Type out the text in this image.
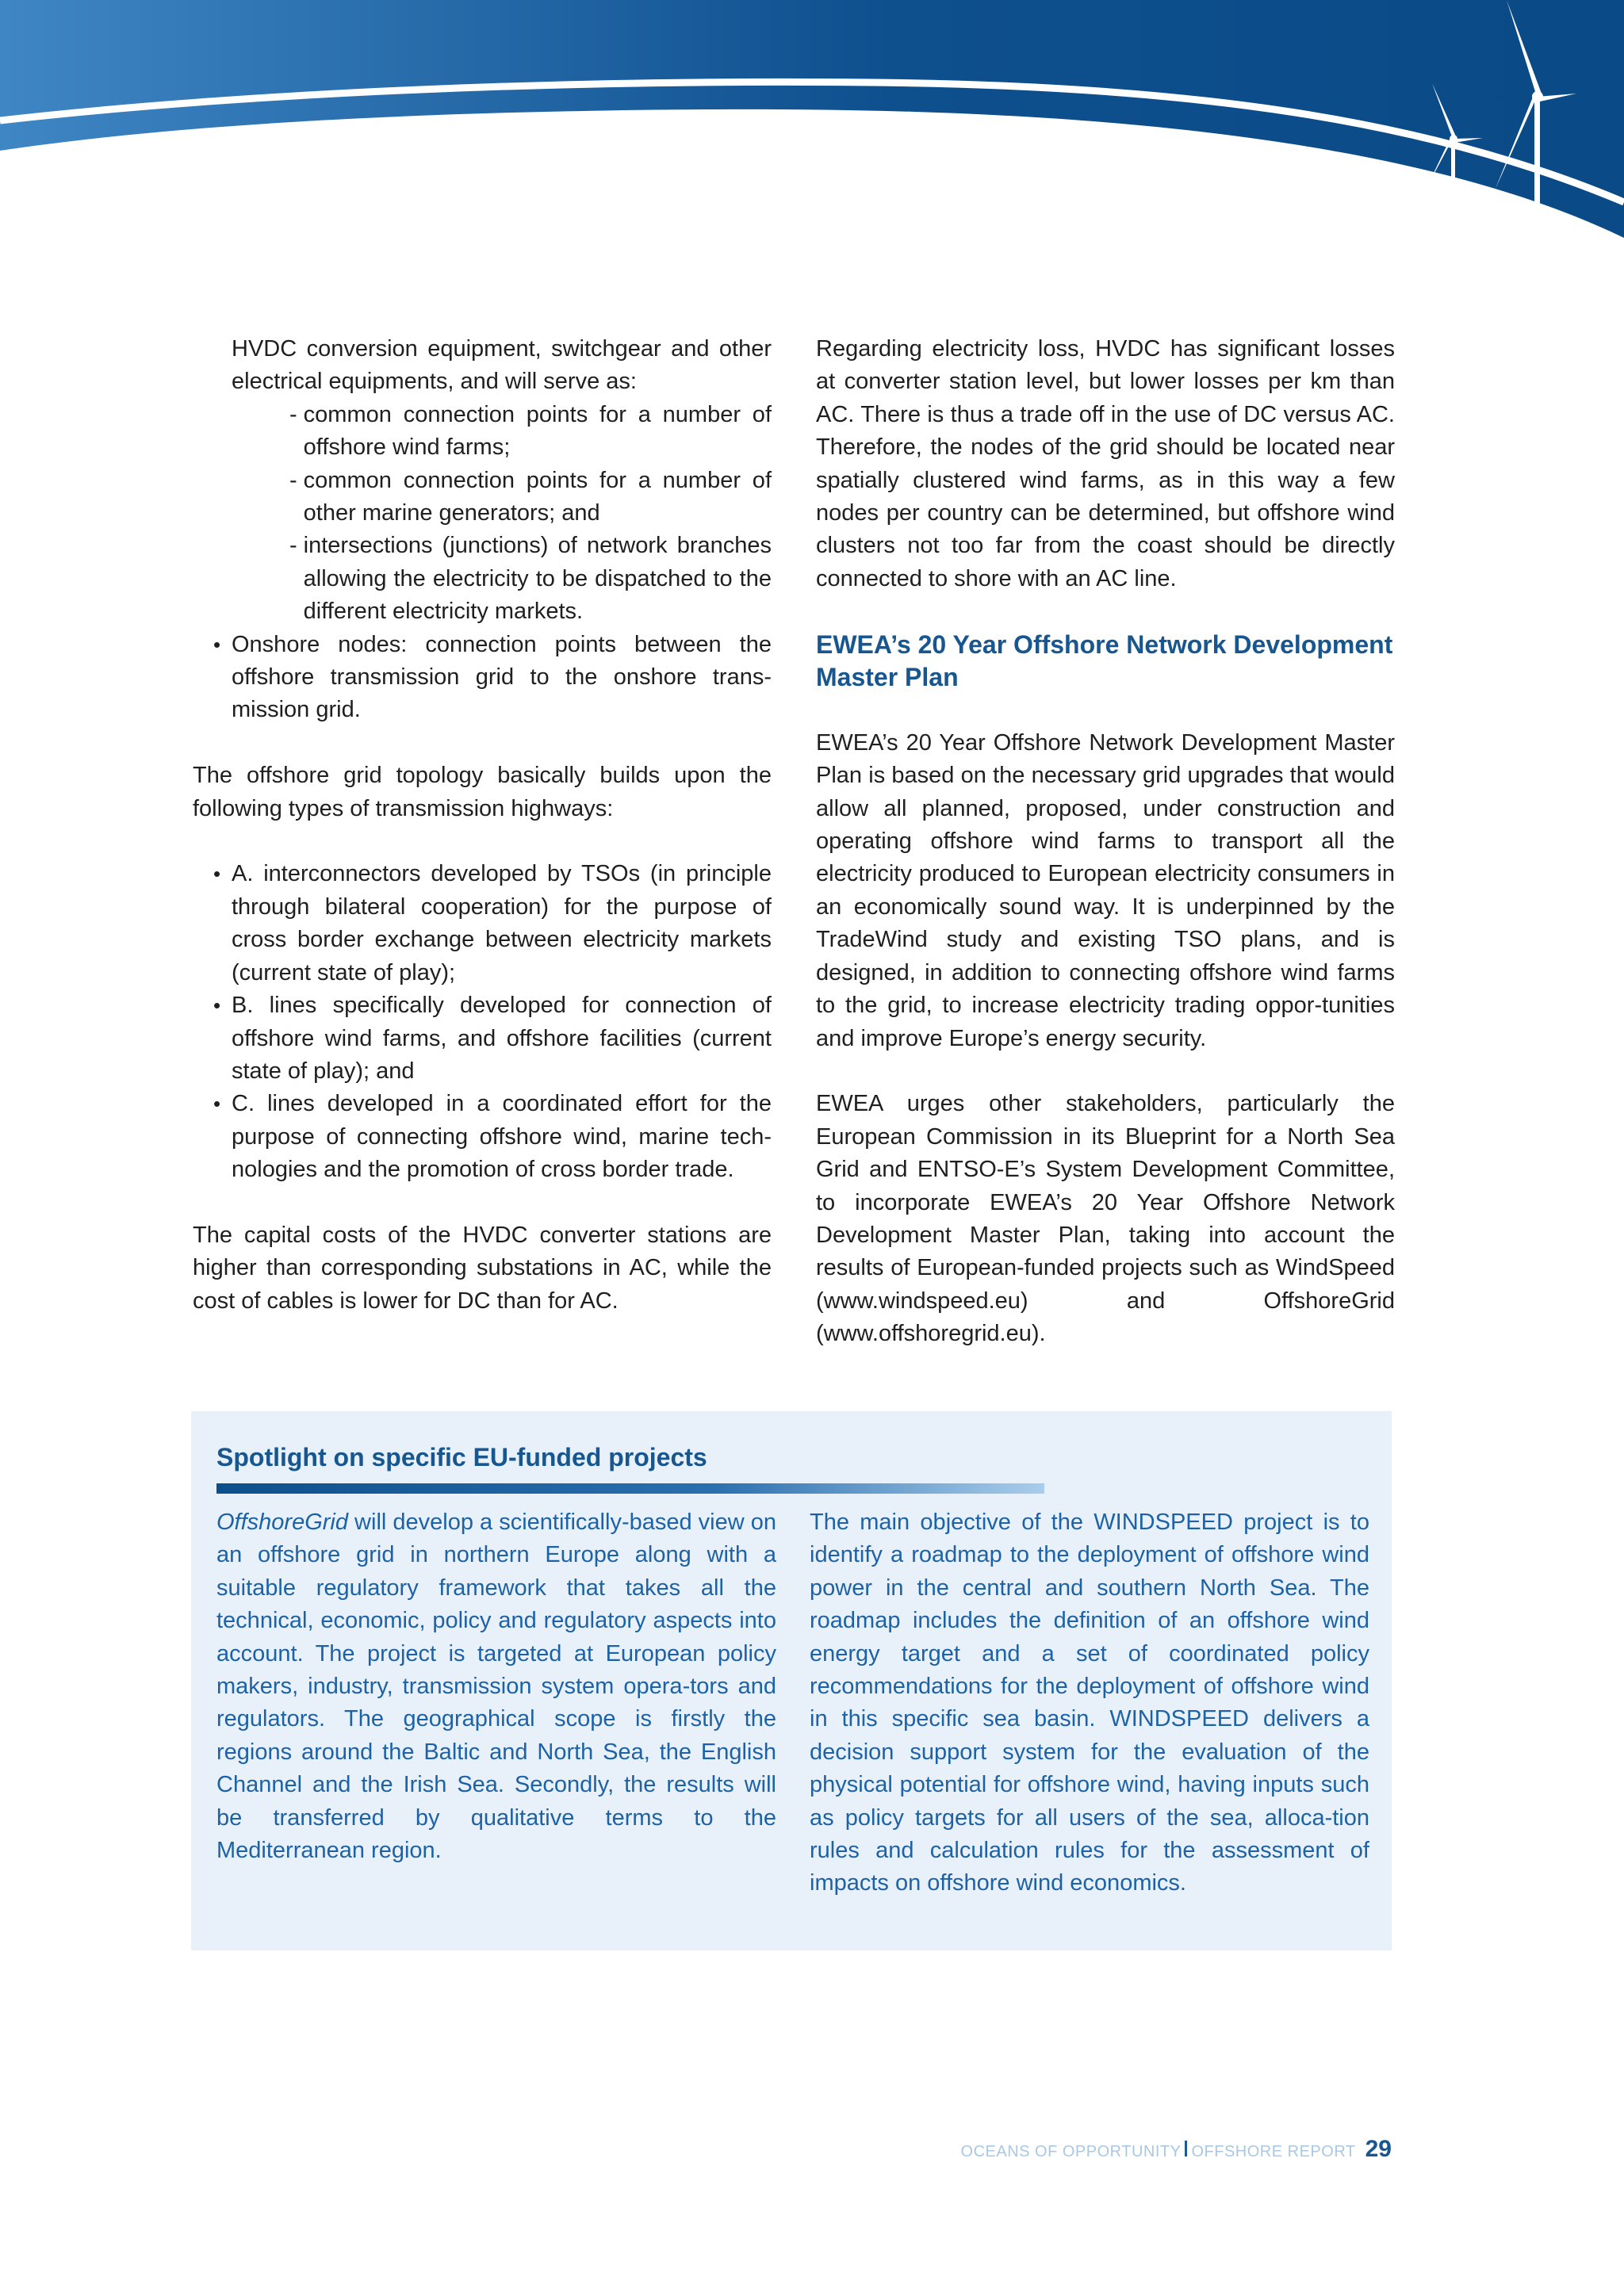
HVDC conversion equipment, switchgear and other electrical equipments, and will serve as:

- common connection points for a number of offshore wind farms;
- common connection points for a number of other marine generators; and
- intersections (junctions) of network branches allowing the electricity to be dispatched to the different electricity markets.
• Onshore nodes: connection points between the offshore transmission grid to the onshore trans-mission grid.

The offshore grid topology basically builds upon the following types of transmission highways:

• A. interconnectors developed by TSOs (in principle through bilateral cooperation) for the purpose of cross border exchange between electricity markets (current state of play);
• B. lines specifically developed for connection of offshore wind farms, and offshore facilities (current state of play); and
• C. lines developed in a coordinated effort for the purpose of connecting offshore wind, marine tech-nologies and the promotion of cross border trade.

The capital costs of the HVDC converter stations are higher than corresponding substations in AC, while the cost of cables is lower for DC than for AC.

Regarding electricity loss, HVDC has significant losses at converter station level, but lower losses per km than AC. There is thus a trade off in the use of DC versus AC. Therefore, the nodes of the grid should be located near spatially clustered wind farms, as in this way a few nodes per country can be determined, but offshore wind clusters not too far from the coast should be directly connected to shore with an AC line.

EWEA’s 20 Year Offshore Network Development Master Plan

EWEA’s 20 Year Offshore Network Development Master Plan is based on the necessary grid upgrades that would allow all planned, proposed, under construction and operating offshore wind farms to transport all the electricity produced to European electricity consumers in an economically sound way. It is underpinned by the TradeWind study and existing TSO plans, and is designed, in addition to connecting offshore wind farms to the grid, to increase electricity trading oppor-tunities and improve Europe’s energy security.

EWEA urges other stakeholders, particularly the European Commission in its Blueprint for a North Sea Grid and ENTSO-E’s System Development Committee, to incorporate EWEA’s 20 Year Offshore Network Development Master Plan, taking into account the results of European-funded projects such as WindSpeed (www.windspeed.eu) and OffshoreGrid (www.offshoregrid.eu).

Spotlight on specific EU-funded projects
OffshoreGrid will develop a scientifically-based view on an offshore grid in northern Europe along with a suitable regulatory framework that takes all the technical, economic, policy and regulatory aspects into account. The project is targeted at European policy makers, industry, transmission system opera-tors and regulators. The geographical scope is firstly the regions around the Baltic and North Sea, the English Channel and the Irish Sea. Secondly, the results will be transferred by qualitative terms to the Mediterranean region.
The main objective of the WINDSPEED project is to identify a roadmap to the deployment of offshore wind power in the central and southern North Sea. The roadmap includes the definition of an offshore wind energy target and a set of coordinated policy recommendations for the deployment of offshore wind in this specific sea basin. WINDSPEED delivers a decision support system for the evaluation of the physical potential for offshore wind, having inputs such as policy targets for all users of the sea, alloca-tion rules and calculation rules for the assessment of impacts on offshore wind economics.
OCEANS OF OPPORTUNITY OFFSHORE REPORT 29
